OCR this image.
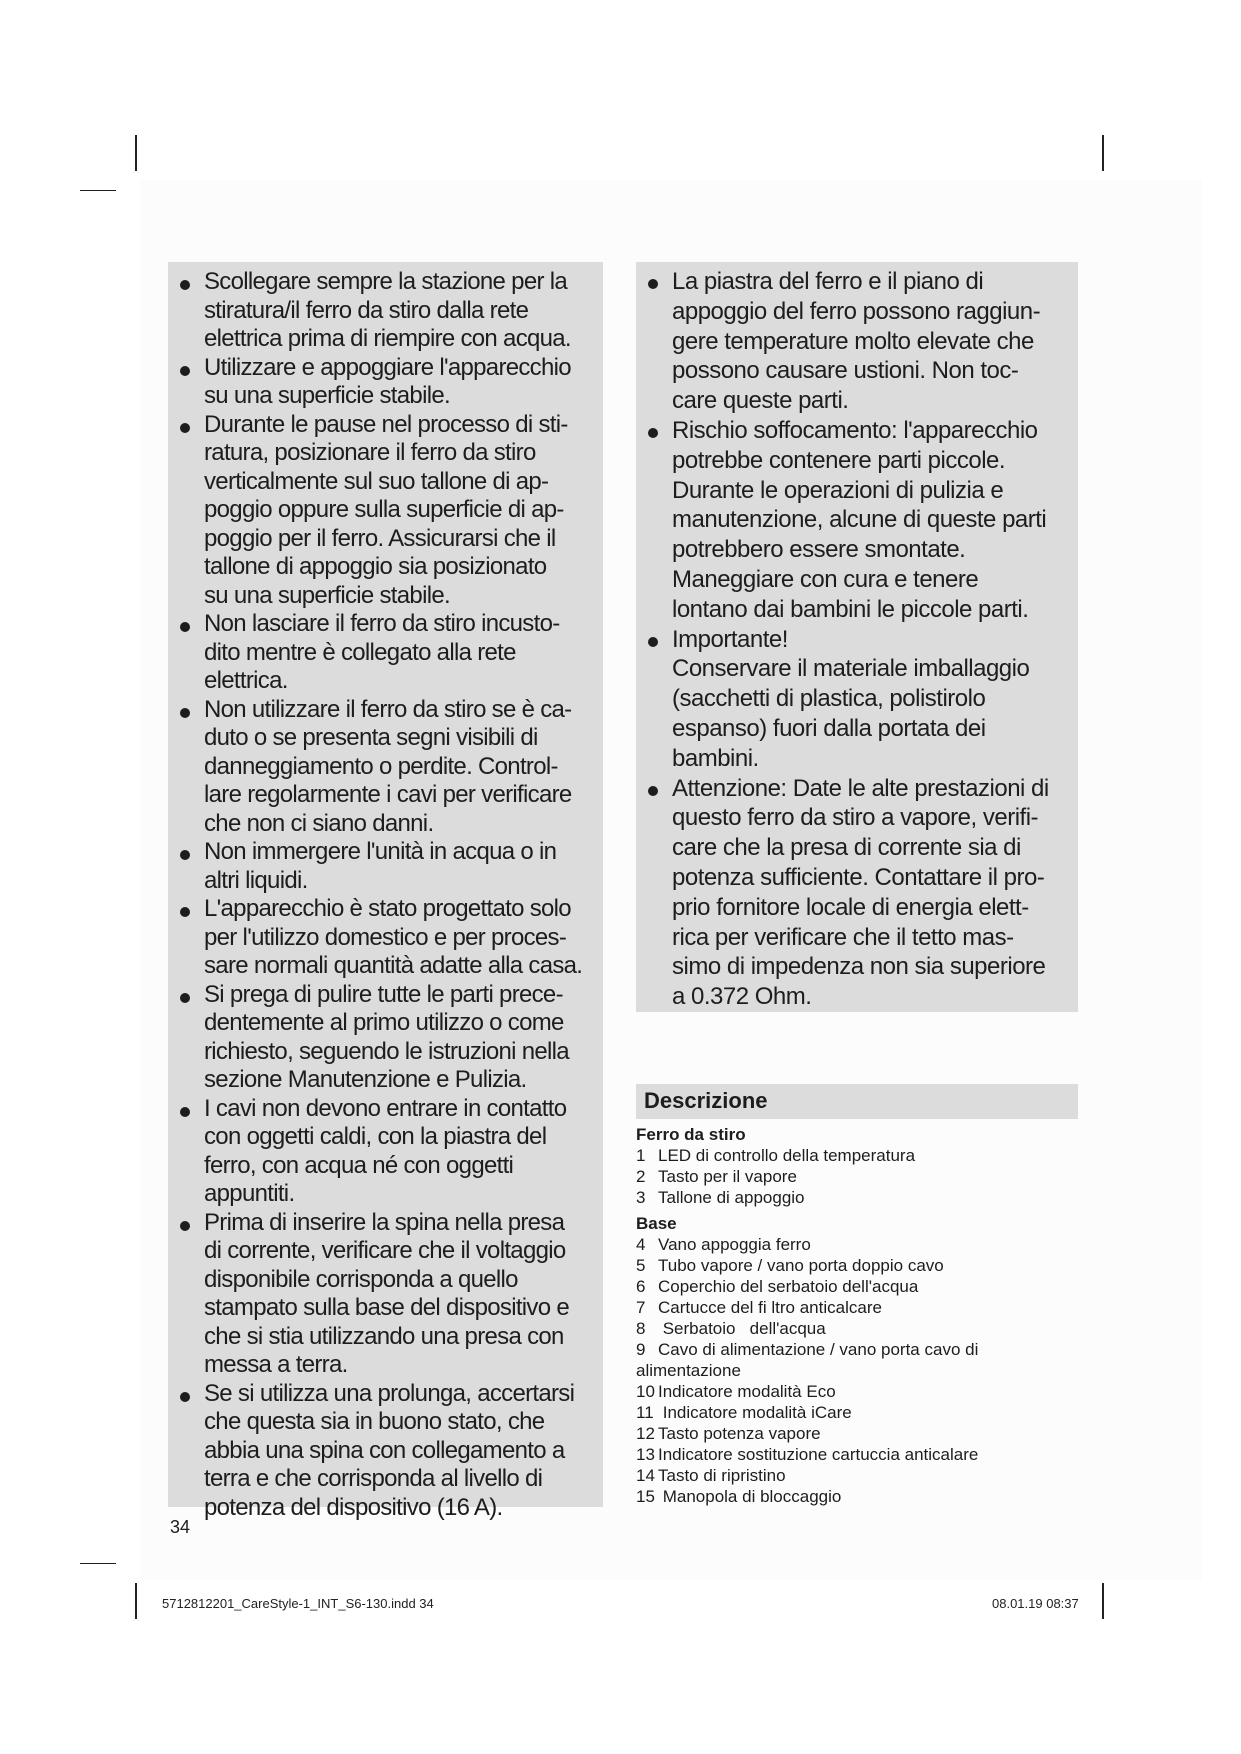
Scollegare sempre la stazione per la
stiratura/il ferro da stiro dalla rete
elettrica prima di riempire con acqua.
Utilizzare e appoggiare l'apparecchio
su una superficie stabile.
Durante le pause nel processo di sti-
ratura, posizionare il ferro da stiro
verticalmente sul suo tallone di ap-
poggio oppure sulla superficie di ap-
poggio per il ferro. Assicurarsi che il
tallone di appoggio sia posizionato
su una superficie stabile.
Non lasciare il ferro da stiro incusto-
dito mentre è collegato alla rete
elettrica.
Non utilizzare il ferro da stiro se è ca-
duto o se presenta segni visibili di
danneggiamento o perdite. Control-
lare regolarmente i cavi per verificare
che non ci siano danni.
Non immergere l'unità in acqua o in
altri liquidi.
L'apparecchio è stato progettato solo
per l'utilizzo domestico e per proces-
sare normali quantità adatte alla casa.
Si prega di pulire tutte le parti prece-
dentemente al primo utilizzo o come
richiesto, seguendo le istruzioni nella
sezione Manutenzione e Pulizia.
I cavi non devono entrare in contatto
con oggetti caldi, con la piastra del
ferro, con acqua né con oggetti
appuntiti.
Prima di inserire la spina nella presa
di corrente, verificare che il voltaggio
disponibile corrisponda a quello
stampato sulla base del dispositivo e
che si stia utilizzando una presa con
messa a terra.
Se si utilizza una prolunga, accertarsi
che questa sia in buono stato, che
abbia una spina con collegamento a
terra e che corrisponda al livello di
potenza del dispositivo (16 A).
La piastra del ferro e il piano di
appoggio del ferro possono raggiun-
gere temperature molto elevate che
possono causare ustioni. Non toc-
care queste parti.
Rischio soffocamento: l'apparecchio
potrebbe contenere parti piccole.
Durante le operazioni di pulizia e
manutenzione, alcune di queste parti
potrebbero essere smontate.
Maneggiare con cura e tenere
lontano dai bambini le piccole parti.
Importante!
Conservare il materiale imballaggio
(sacchetti di plastica, polistirolo
espanso) fuori dalla portata dei
bambini.
Attenzione: Date le alte prestazioni di
questo ferro da stiro a vapore, verifi-
care che la presa di corrente sia di
potenza sufficiente. Contattare il pro-
prio fornitore locale di energia elett-
rica per verificare che il tetto mas-
simo di impedenza non sia superiore
a 0.372 Ohm.
Descrizione
Ferro da stiro
1 LED di controllo della temperatura
2 Tasto per il vapore
3 Tallone di appoggio
Base
4 Vano appoggia ferro
5 Tubo vapore / vano porta doppio cavo
6 Coperchio del serbatoio dell'acqua
7 Cartucce del fi ltro anticalcare
8 Serbatoio   dell'acqua
9 Cavo di alimentazione / vano porta cavo di
alimentazione
10 Indicatore modalità Eco
11 Indicatore modalità iCare
12 Tasto potenza vapore
13 Indicatore sostituzione cartuccia anticalare
14 Tasto di ripristino
15 Manopola di bloccaggio
34
5712812201_CareStyle-1_INT_S6-130.indd 34	08.01.19 08:37
